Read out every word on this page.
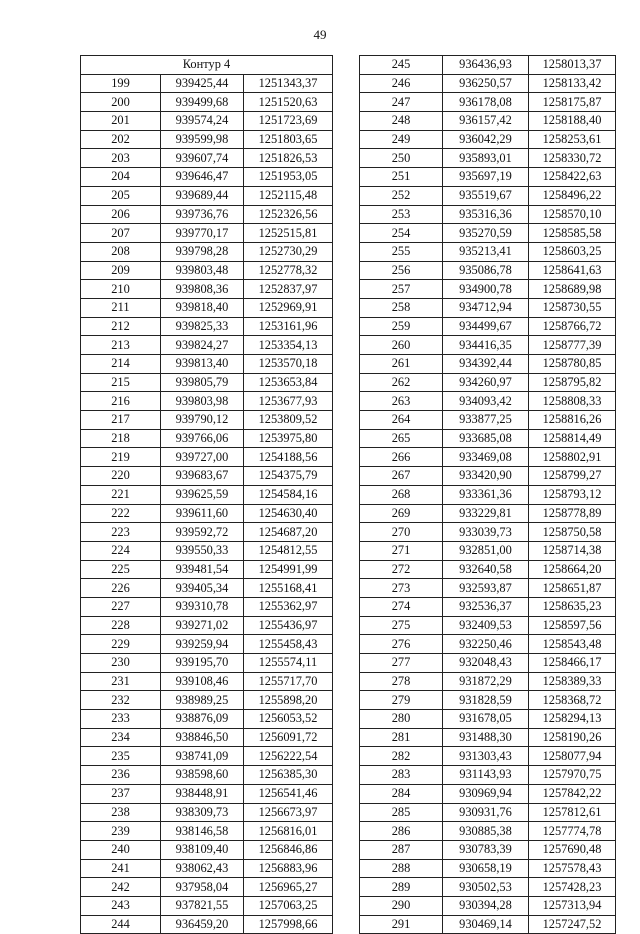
49
Контур 4		
199	939425,44	1251343,37
200	939499,68	1251520,63
201	939574,24	1251723,69
202	939599,98	1251803,65
203	939607,74	1251826,53
204	939646,47	1251953,05
205	939689,44	1252115,48
206	939736,76	1252326,56
207	939770,17	1252515,81
208	939798,28	1252730,29
209	939803,48	1252778,32
210	939808,36	1252837,97
211	939818,40	1252969,91
212	939825,33	1253161,96
213	939824,27	1253354,13
214	939813,40	1253570,18
215	939805,79	1253653,84
216	939803,98	1253677,93
217	939790,12	1253809,52
218	939766,06	1253975,80
219	939727,00	1254188,56
220	939683,67	1254375,79
221	939625,59	1254584,16
222	939611,60	1254630,40
223	939592,72	1254687,20
224	939550,33	1254812,55
225	939481,54	1254991,99
226	939405,34	1255168,41
227	939310,78	1255362,97
228	939271,02	1255436,97
229	939259,94	1255458,43
230	939195,70	1255574,11
231	939108,46	1255717,70
232	938989,25	1255898,20
233	938876,09	1256053,52
234	938846,50	1256091,72
235	938741,09	1256222,54
236	938598,60	1256385,30
237	938448,91	1256541,46
238	938309,73	1256673,97
239	938146,58	1256816,01
240	938109,40	1256846,86
241	938062,43	1256883,96
242	937958,04	1256965,27
243	937821,55	1257063,25
244	936459,20	1257998,66
245	936436,93	1258013,37
246	936250,57	1258133,42
247	936178,08	1258175,87
248	936157,42	1258188,40
249	936042,29	1258253,61
250	935893,01	1258330,72
251	935697,19	1258422,63
252	935519,67	1258496,22
253	935316,36	1258570,10
254	935270,59	1258585,58
255	935213,41	1258603,25
256	935086,78	1258641,63
257	934900,78	1258689,98
258	934712,94	1258730,55
259	934499,67	1258766,72
260	934416,35	1258777,39
261	934392,44	1258780,85
262	934260,97	1258795,82
263	934093,42	1258808,33
264	933877,25	1258816,26
265	933685,08	1258814,49
266	933469,08	1258802,91
267	933420,90	1258799,27
268	933361,36	1258793,12
269	933229,81	1258778,89
270	933039,73	1258750,58
271	932851,00	1258714,38
272	932640,58	1258664,20
273	932593,87	1258651,87
274	932536,37	1258635,23
275	932409,53	1258597,56
276	932250,46	1258543,48
277	932048,43	1258466,17
278	931872,29	1258389,33
279	931828,59	1258368,72
280	931678,05	1258294,13
281	931488,30	1258190,26
282	931303,43	1258077,94
283	931143,93	1257970,75
284	930969,94	1257842,22
285	930931,76	1257812,61
286	930885,38	1257774,78
287	930783,39	1257690,48
288	930658,19	1257578,43
289	930502,53	1257428,23
290	930394,28	1257313,94
291	930469,14	1257247,52
